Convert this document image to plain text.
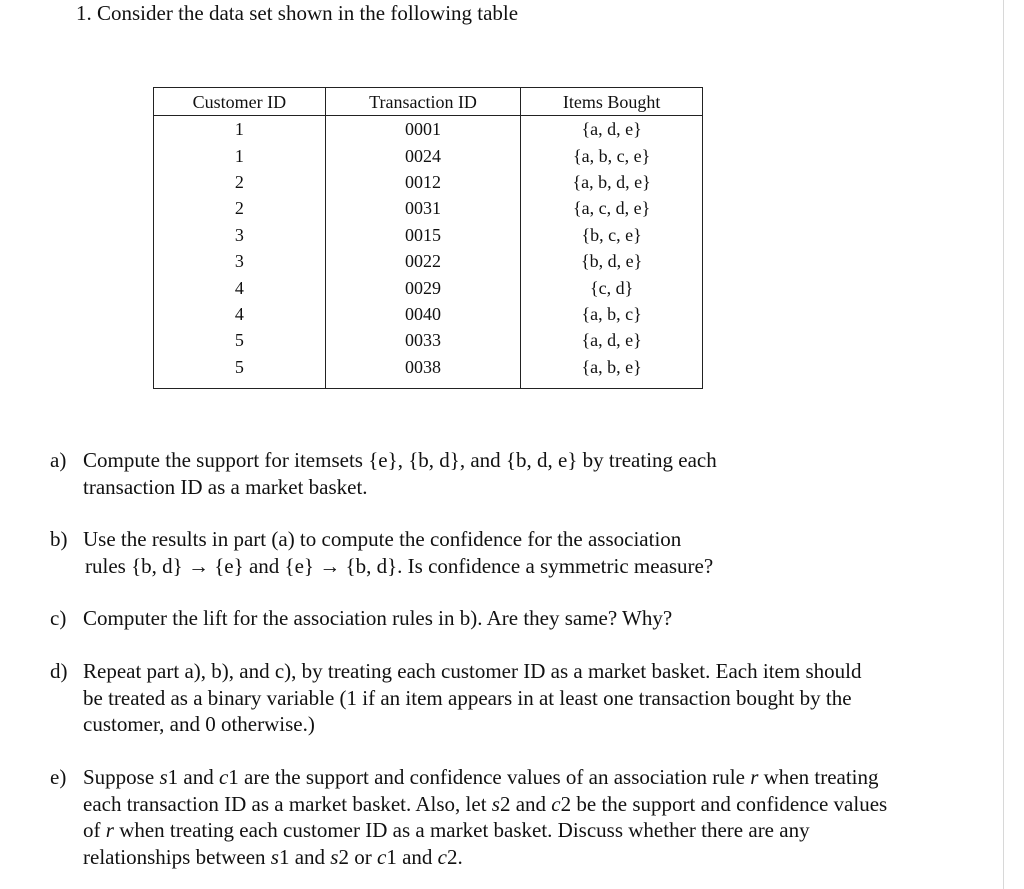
1. Consider the data set shown in the following table
Customer ID	Transaction ID	Items Bought
1	0001	{a, d, e}
1	0024	{a, b, c, e}
2	0012	{a, b, d, e}
2	0031	{a, c, d, e}
3	0015	{b, c, e}
3	0022	{b, d, e}
4	0029	{c, d}
4	0040	{a, b, c}
5	0033	{a, d, e}
5	0038	{a, b, e}
a) Compute the support for itemsets {e}, {b, d}, and {b, d, e} by treating each transaction ID as a market basket.
b) Use the results in part (a) to compute the confidence for the association
rules {b, d} → {e} and {e} → {b, d}. Is confidence a symmetric measure?
c) Computer the lift for the association rules in b). Are they same? Why?
d) Repeat part a), b), and c), by treating each customer ID as a market basket. Each item should be treated as a binary variable (1 if an item appears in at least one transaction bought by the customer, and 0 otherwise.)
e) Suppose s1 and c1 are the support and confidence values of an association rule r when treating each transaction ID as a market basket. Also, let s2 and c2 be the support and confidence values of r when treating each customer ID as a market basket. Discuss whether there are any relationships between s1 and s2 or c1 and c2.
